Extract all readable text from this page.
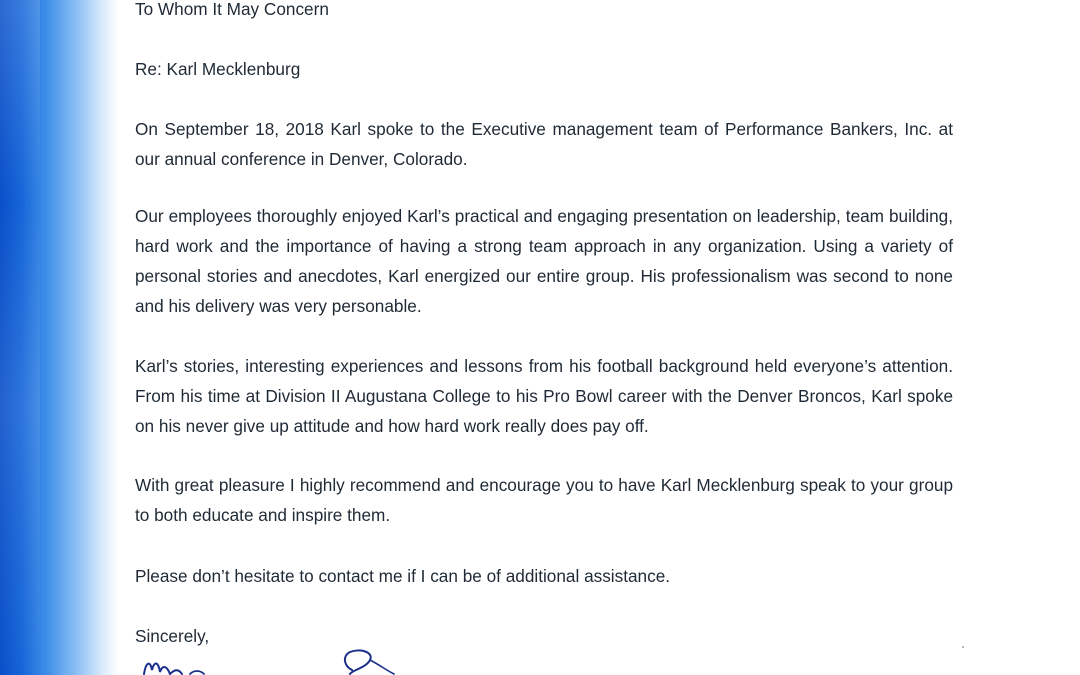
To Whom It May Concern

Re: Karl Mecklenburg

On September 18, 2018 Karl spoke to the Executive management team of Performance Bankers, Inc. at our annual conference in Denver, Colorado.

Our employees thoroughly enjoyed Karl’s practical and engaging presentation on leadership, team building, hard work and the importance of having a strong team approach in any organization. Using a variety of personal stories and anecdotes, Karl energized our entire group. His professionalism was second to none and his delivery was very personable.

Karl’s stories, interesting experiences and lessons from his football background held everyone’s attention. From his time at Division II Augustana College to his Pro Bowl career with the Denver Broncos, Karl spoke on his never give up attitude and how hard work really does pay off.

With great pleasure I highly recommend and encourage you to have Karl Mecklenburg speak to your group to both educate and inspire them.

Please don’t hesitate to contact me if I can be of additional assistance.

Sincerely,
